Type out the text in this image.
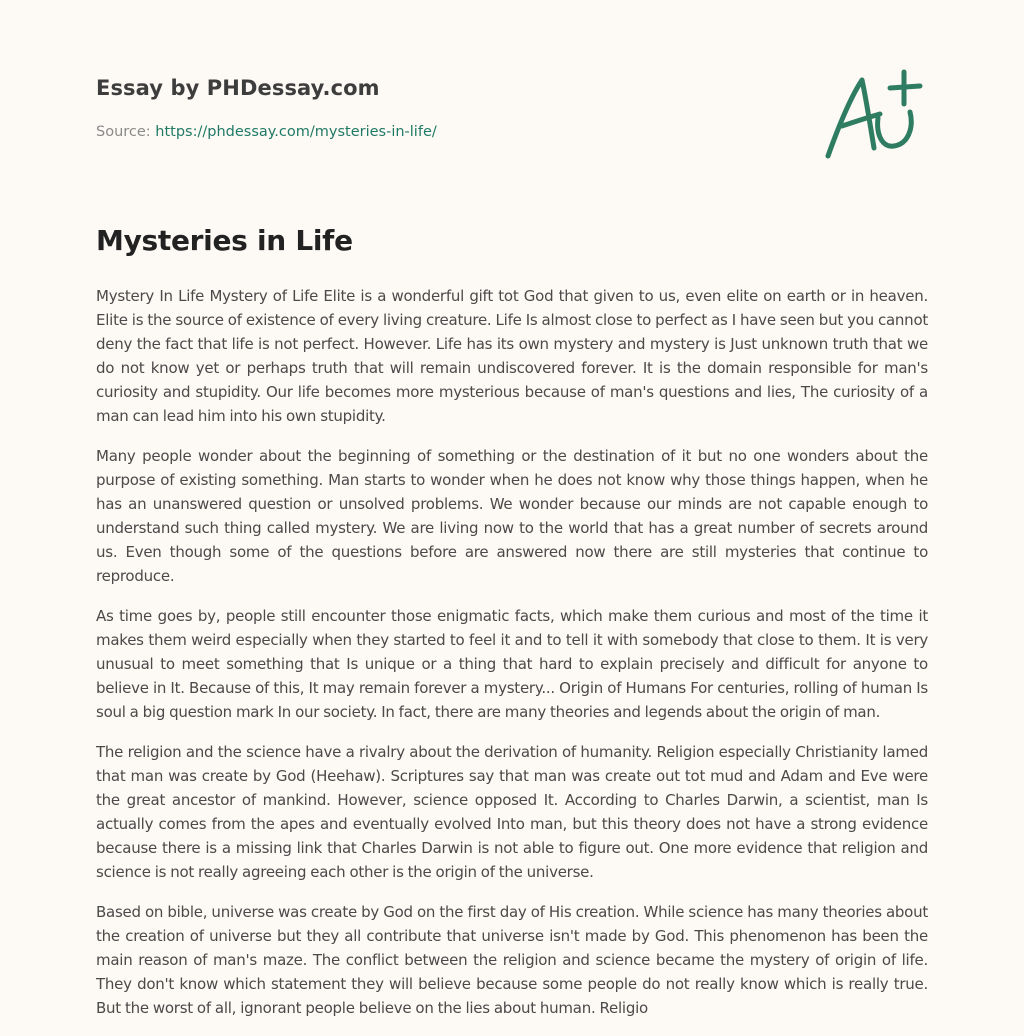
Essay by PHDessay.com
Source: https://phdessay.com/mysteries-in-life/
Mysteries in Life

Mystery In Life Mystery of Life Elite is a wonderful gift tot God that given to us, even elite on earth or in heaven. Elite is the source of existence of every living creature. Life Is almost close to perfect as I have seen but you cannot deny the fact that life is not perfect. However. Life has its own mystery and mystery is Just unknown truth that we do not know yet or perhaps truth that will remain undiscovered forever. It is the domain responsible for man's curiosity and stupidity. Our life becomes more mysterious because of man's questions and lies, The curiosity of a man can lead him into his own stupidity.

Many people wonder about the beginning of something or the destination of it but no one wonders about the purpose of existing something. Man starts to wonder when he does not know why those things happen, when he has an unanswered question or unsolved problems. We wonder because our minds are not capable enough to understand such thing called mystery. We are living now to the world that has a great number of secrets around us. Even though some of the questions before are answered now there are still mysteries that continue to reproduce.

As time goes by, people still encounter those enigmatic facts, which make them curious and most of the time it makes them weird especially when they started to feel it and to tell it with somebody that close to them. It is very unusual to meet something that Is unique or a thing that hard to explain precisely and difficult for anyone to believe in It. Because of this, It may remain forever a mystery... Origin of Humans For centuries, rolling of human Is soul a big question mark In our society. In fact, there are many theories and legends about the origin of man.

The religion and the science have a rivalry about the derivation of humanity. Religion especially Christianity lamed that man was create by God (Heehaw). Scriptures say that man was create out tot mud and Adam and Eve were the great ancestor of mankind. However, science opposed It. According to Charles Darwin, a scientist, man Is actually comes from the apes and eventually evolved Into man, but this theory does not have a strong evidence because there is a missing link that Charles Darwin is not able to figure out. One more evidence that religion and science is not really agreeing each other is the origin of the universe.

Based on bible, universe was create by God on the first day of His creation. While science has many theories about the creation of universe but they all contribute that universe isn't made by God. This phenomenon has been the main reason of man's maze. The conflict between the religion and science became the mystery of origin of life. They don't know which statement they will believe because some people do not really know which is really true. But the worst of all, ignorant people believe on the lies about human. Religio
